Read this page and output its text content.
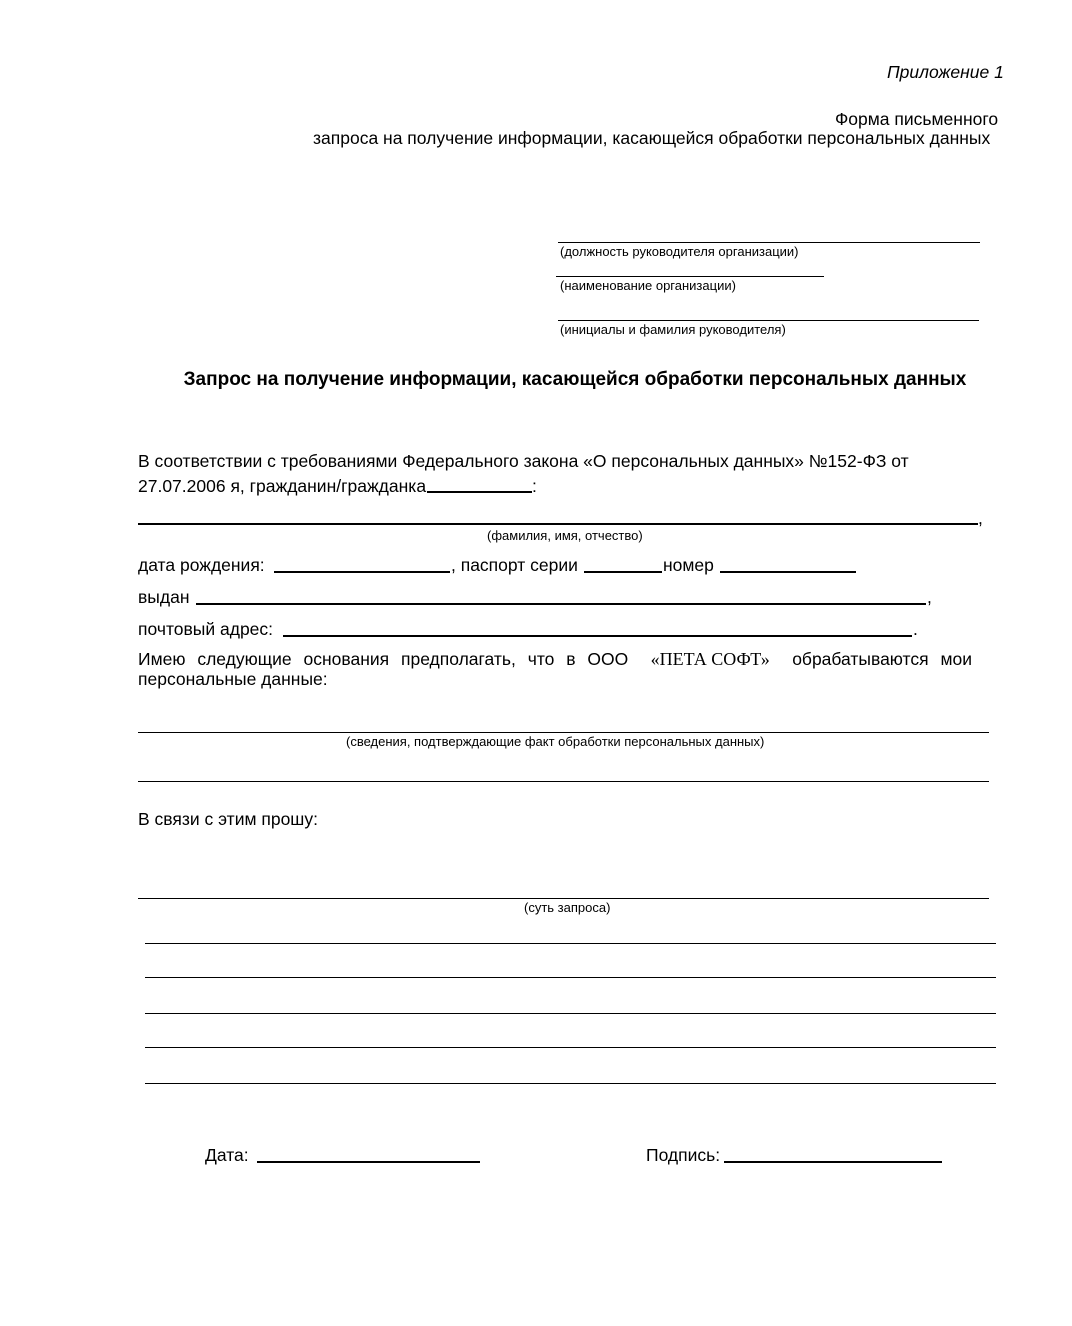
Приложение 1
Форма письменного
запроса на получение информации, касающейся обработки персональных данных
(должность руководителя организации)
(наименование организации)
(инициалы и фамилия руководителя)
Запрос на получение информации, касающейся обработки персональных данных
В соответствии с требованиями Федерального закона «О персональных данных» №152-ФЗ от
27.07.2006 я, гражданин/гражданка	:
,
(фамилия, имя, отчество)
дата рождения:	, паспорт серии	номер
выдан	,
почтовый адрес:	.
Имею следующие основания предполагать, что в ООО «ПЕТА СОФТ» обрабатываются мои
персональные данные:
(сведения, подтверждающие факт обработки персональных данных)
В связи с этим прошу:
(суть запроса)
Дата:	Подпись:
